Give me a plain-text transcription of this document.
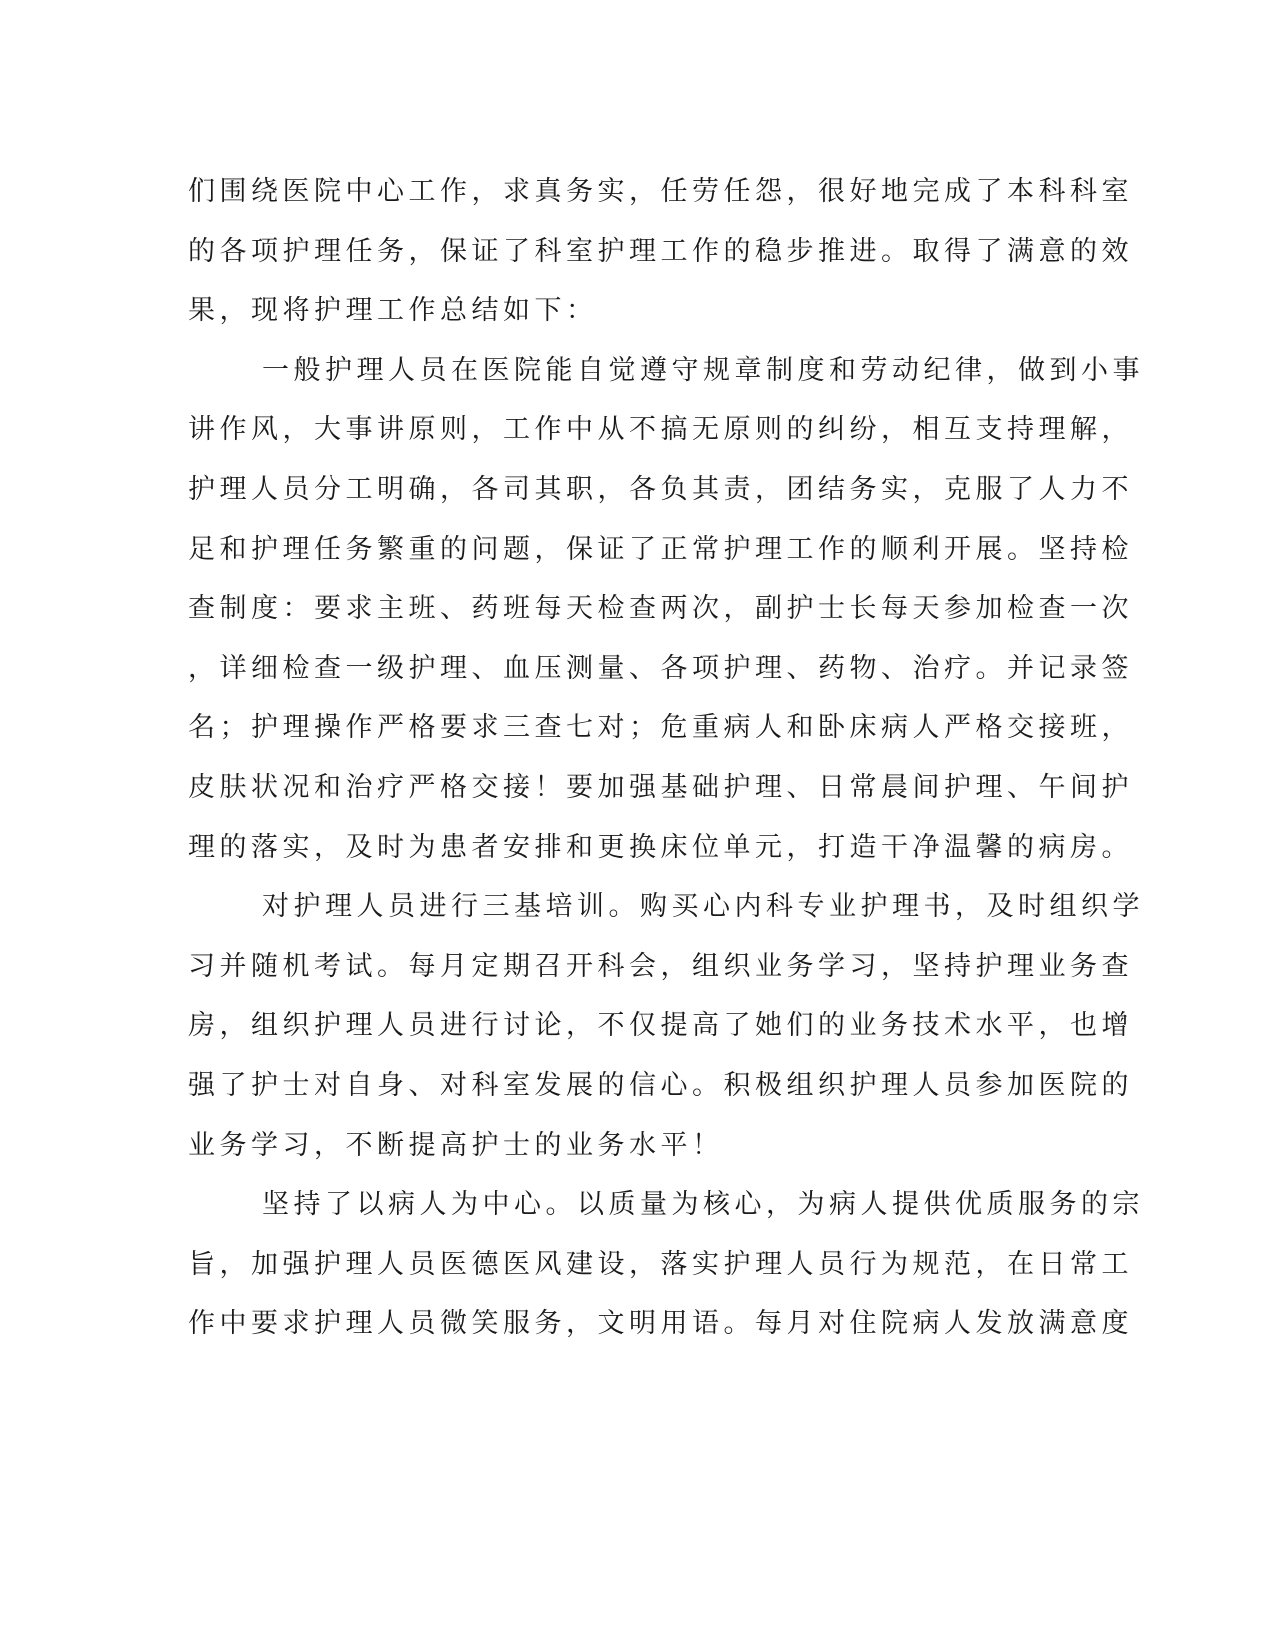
们围绕医院中心工作，求真务实，任劳任怨，很好地完成了本科科室
的各项护理任务，保证了科室护理工作的稳步推进。取得了满意的效
果，现将护理工作总结如下：
一般护理人员在医院能自觉遵守规章制度和劳动纪律，做到小事
讲作风，大事讲原则，工作中从不搞无原则的纠纷，相互支持理解，
护理人员分工明确，各司其职，各负其责，团结务实，克服了人力不
足和护理任务繁重的问题，保证了正常护理工作的顺利开展。坚持检
查制度：要求主班、药班每天检查两次，副护士长每天参加检查一次
，详细检查一级护理、血压测量、各项护理、药物、治疗。并记录签
名；护理操作严格要求三查七对；危重病人和卧床病人严格交接班，
皮肤状况和治疗严格交接！要加强基础护理、日常晨间护理、午间护
理的落实，及时为患者安排和更换床位单元，打造干净温馨的病房。
对护理人员进行三基培训。购买心内科专业护理书，及时组织学
习并随机考试。每月定期召开科会，组织业务学习，坚持护理业务查
房，组织护理人员进行讨论，不仅提高了她们的业务技术水平，也增
强了护士对自身、对科室发展的信心。积极组织护理人员参加医院的
业务学习，不断提高护士的业务水平！
坚持了以病人为中心。以质量为核心，为病人提供优质服务的宗
旨，加强护理人员医德医风建设，落实护理人员行为规范，在日常工
作中要求护理人员微笑服务，文明用语。每月对住院病人发放满意度
